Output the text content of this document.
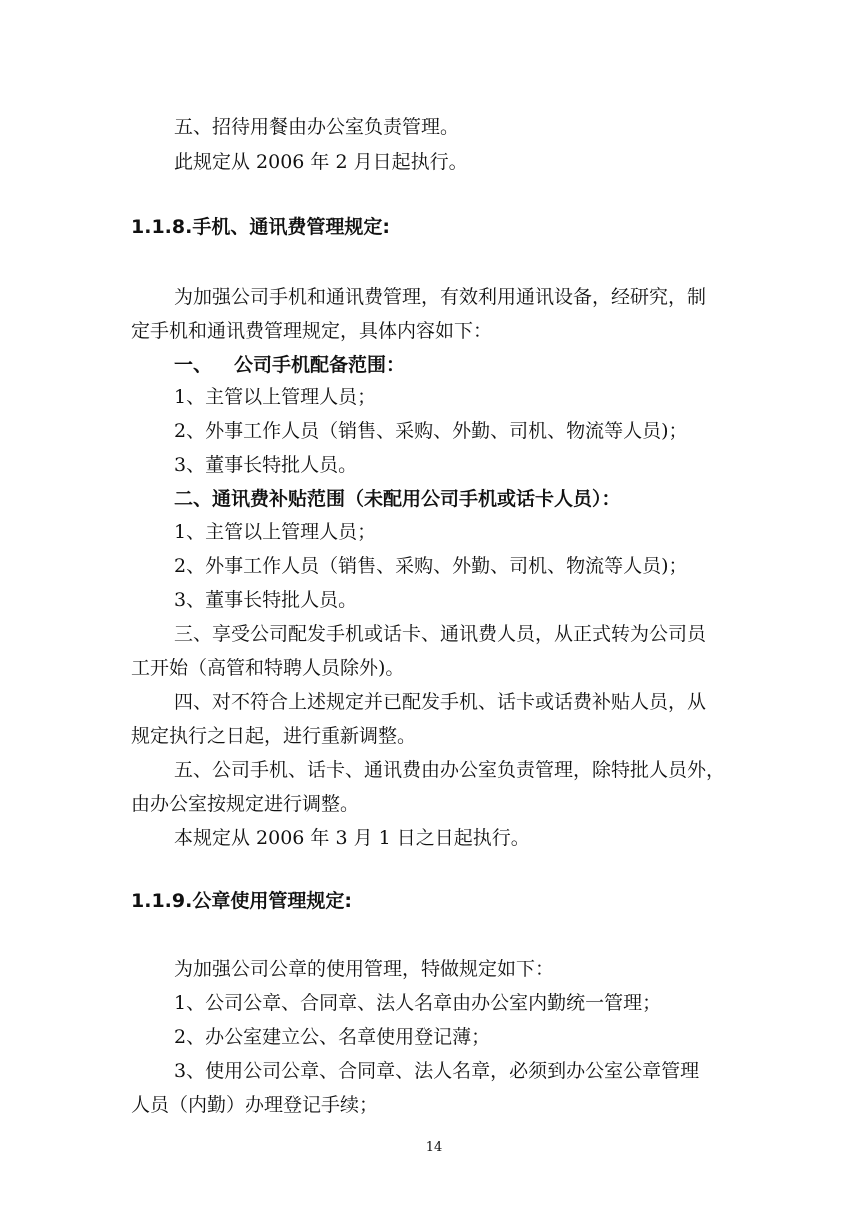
五、招待用餐由办公室负责管理。
此规定从 2006 年 2 月日起执行。
1.1.8.手机、通讯费管理规定:
为加强公司手机和通讯费管理，有效利用通讯设备，经研究，制
定手机和通讯费管理规定，具体内容如下：
一、 公司手机配备范围：
1、主管以上管理人员；
2、外事工作人员（销售、采购、外勤、司机、物流等人员)；
3、董事长特批人员。
二、通讯费补贴范围（未配用公司手机或话卡人员）：
1、主管以上管理人员；
2、外事工作人员（销售、采购、外勤、司机、物流等人员)；
3、董事长特批人员。
三、享受公司配发手机或话卡、通讯费人员，从正式转为公司员
工开始（高管和特聘人员除外)。
四、对不符合上述规定并已配发手机、话卡或话费补贴人员，从
规定执行之日起，进行重新调整。
五、公司手机、话卡、通讯费由办公室负责管理，除特批人员外，
由办公室按规定进行调整。
本规定从 2006 年 3 月 1 日之日起执行。
1.1.9.公章使用管理规定:
为加强公司公章的使用管理，特做规定如下：
1、公司公章、合同章、法人名章由办公室内勤统一管理；
2、办公室建立公、名章使用登记薄；
3、使用公司公章、合同章、法人名章，必须到办公室公章管理
人员（内勤）办理登记手续；
14
